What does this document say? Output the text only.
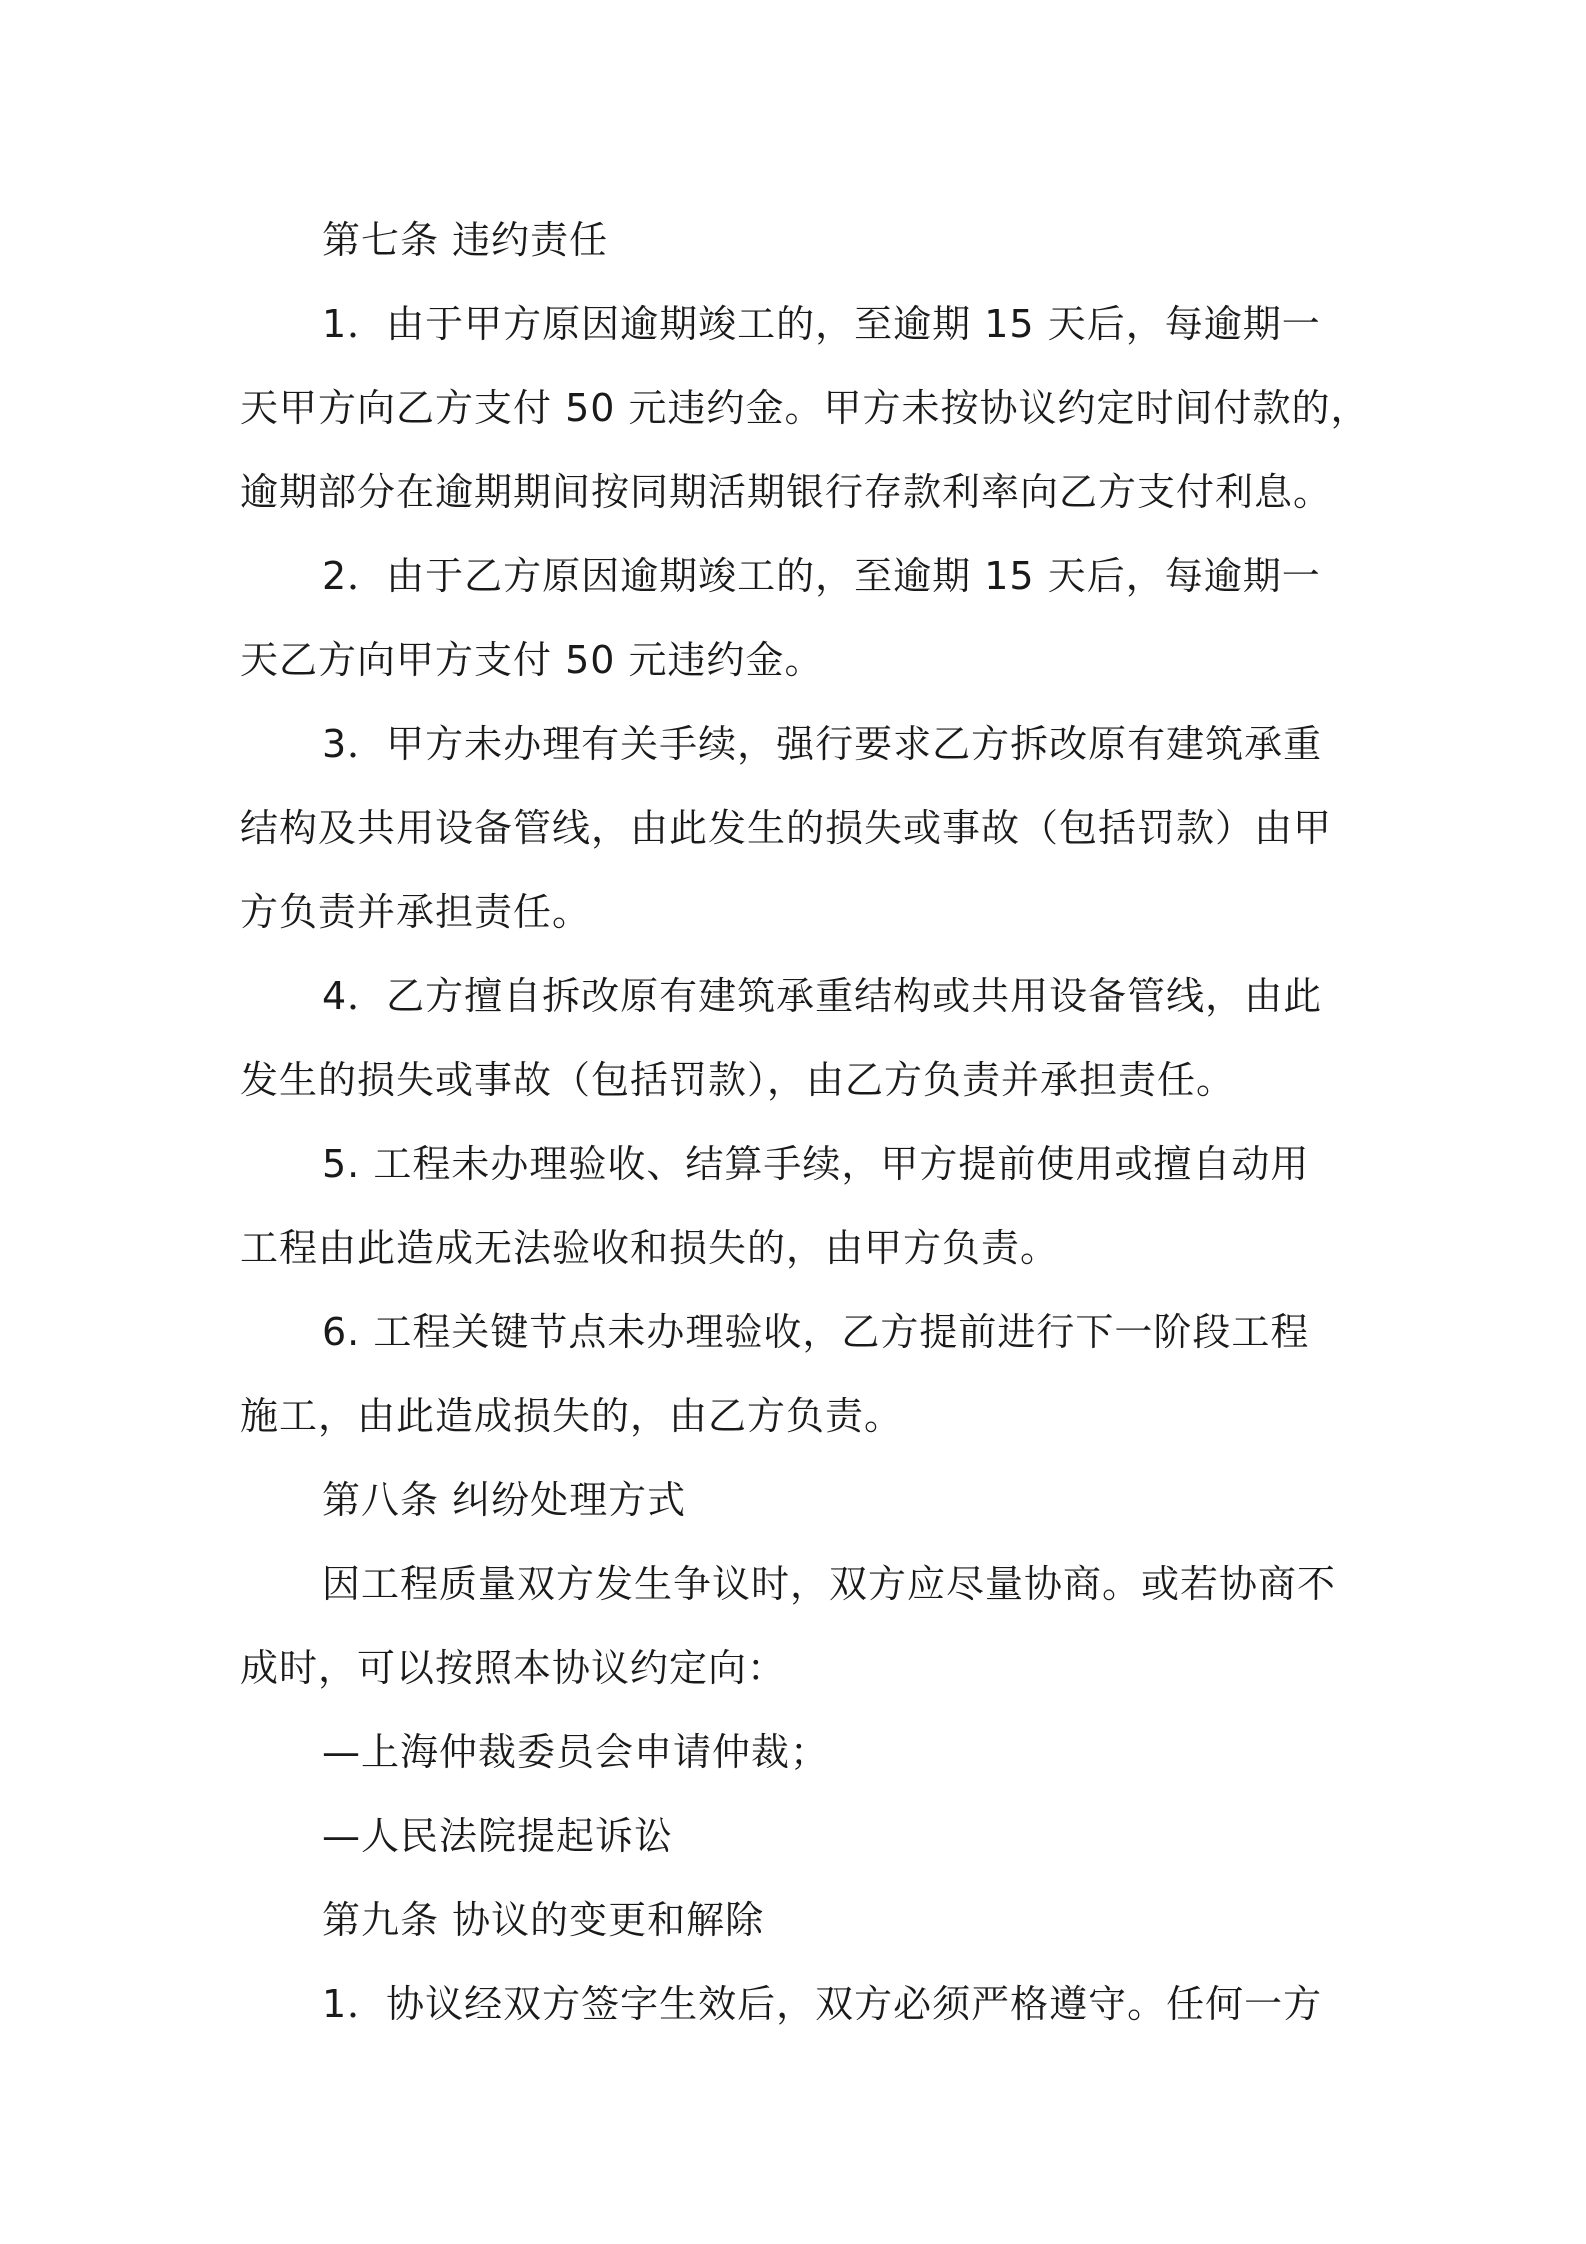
第七条 违约责任
1．由于甲方原因逾期竣工的，至逾期 15 天后，每逾期一
天甲方向乙方支付 50 元违约金。甲方未按协议约定时间付款的，
逾期部分在逾期期间按同期活期银行存款利率向乙方支付利息。
2．由于乙方原因逾期竣工的，至逾期 15 天后，每逾期一
天乙方向甲方支付 50 元违约金。
3．甲方未办理有关手续，强行要求乙方拆改原有建筑承重
结构及共用设备管线，由此发生的损失或事故（包括罚款）由甲
方负责并承担责任。
4．乙方擅自拆改原有建筑承重结构或共用设备管线，由此
发生的损失或事故（包括罚款），由乙方负责并承担责任。
5. 工程未办理验收、结算手续，甲方提前使用或擅自动用
工程由此造成无法验收和损失的，由甲方负责。
6. 工程关键节点未办理验收，乙方提前进行下一阶段工程
施工，由此造成损失的，由乙方负责。
第八条 纠纷处理方式
因工程质量双方发生争议时，双方应尽量协商。或若协商不
成时，可以按照本协议约定向：
—上海仲裁委员会申请仲裁；
—人民法院提起诉讼
第九条 协议的变更和解除
1．协议经双方签字生效后，双方必须严格遵守。任何一方
